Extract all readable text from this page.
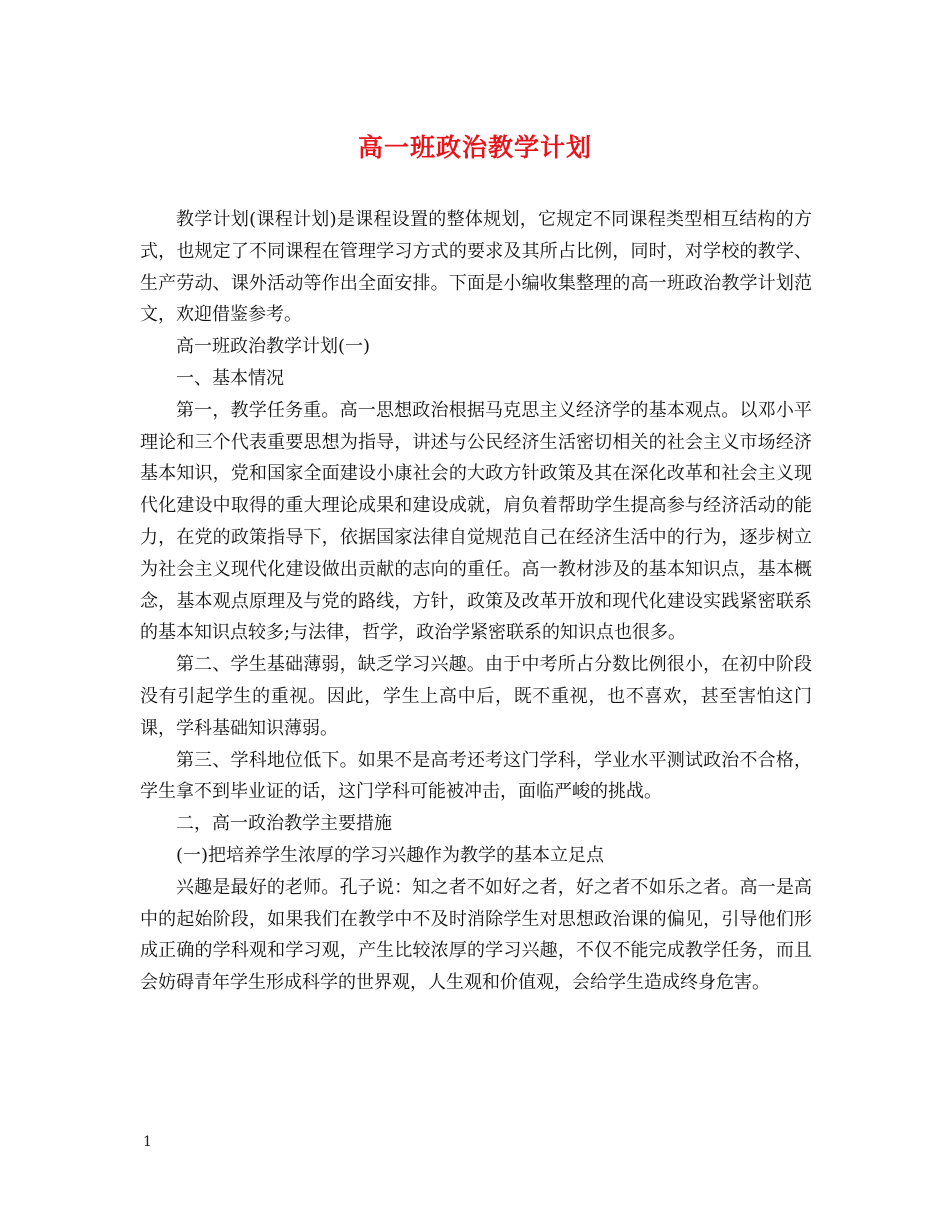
高一班政治教学计划

教学计划(课程计划)是课程设置的整体规划，它规定不同课程类型相互结构的方式，也规定了不同课程在管理学习方式的要求及其所占比例，同时，对学校的教学、生产劳动、课外活动等作出全面安排。下面是小编收集整理的高一班政治教学计划范文，欢迎借鉴参考。

高一班政治教学计划(一)

一、基本情况

第一，教学任务重。高一思想政治根据马克思主义经济学的基本观点。以邓小平理论和三个代表重要思想为指导，讲述与公民经济生活密切相关的社会主义市场经济基本知识，党和国家全面建设小康社会的大政方针政策及其在深化改革和社会主义现代化建设中取得的重大理论成果和建设成就，肩负着帮助学生提高参与经济活动的能力，在党的政策指导下，依据国家法律自觉规范自己在经济生活中的行为，逐步树立为社会主义现代化建设做出贡献的志向的重任。高一教材涉及的基本知识点，基本概念，基本观点原理及与党的路线，方针，政策及改革开放和现代化建设实践紧密联系的基本知识点较多;与法律，哲学，政治学紧密联系的知识点也很多。

第二、学生基础薄弱，缺乏学习兴趣。由于中考所占分数比例很小，在初中阶段没有引起学生的重视。因此，学生上高中后，既不重视，也不喜欢，甚至害怕这门课，学科基础知识薄弱。

第三、学科地位低下。如果不是高考还考这门学科，学业水平测试政治不合格，学生拿不到毕业证的话，这门学科可能被冲击，面临严峻的挑战。

二，高一政治教学主要措施

(一)把培养学生浓厚的学习兴趣作为教学的基本立足点

兴趣是最好的老师。孔子说：知之者不如好之者，好之者不如乐之者。高一是高中的起始阶段，如果我们在教学中不及时消除学生对思想政治课的偏见，引导他们形成正确的学科观和学习观，产生比较浓厚的学习兴趣，不仅不能完成教学任务，而且会妨碍青年学生形成科学的世界观，人生观和价值观，会给学生造成终身危害。

1
